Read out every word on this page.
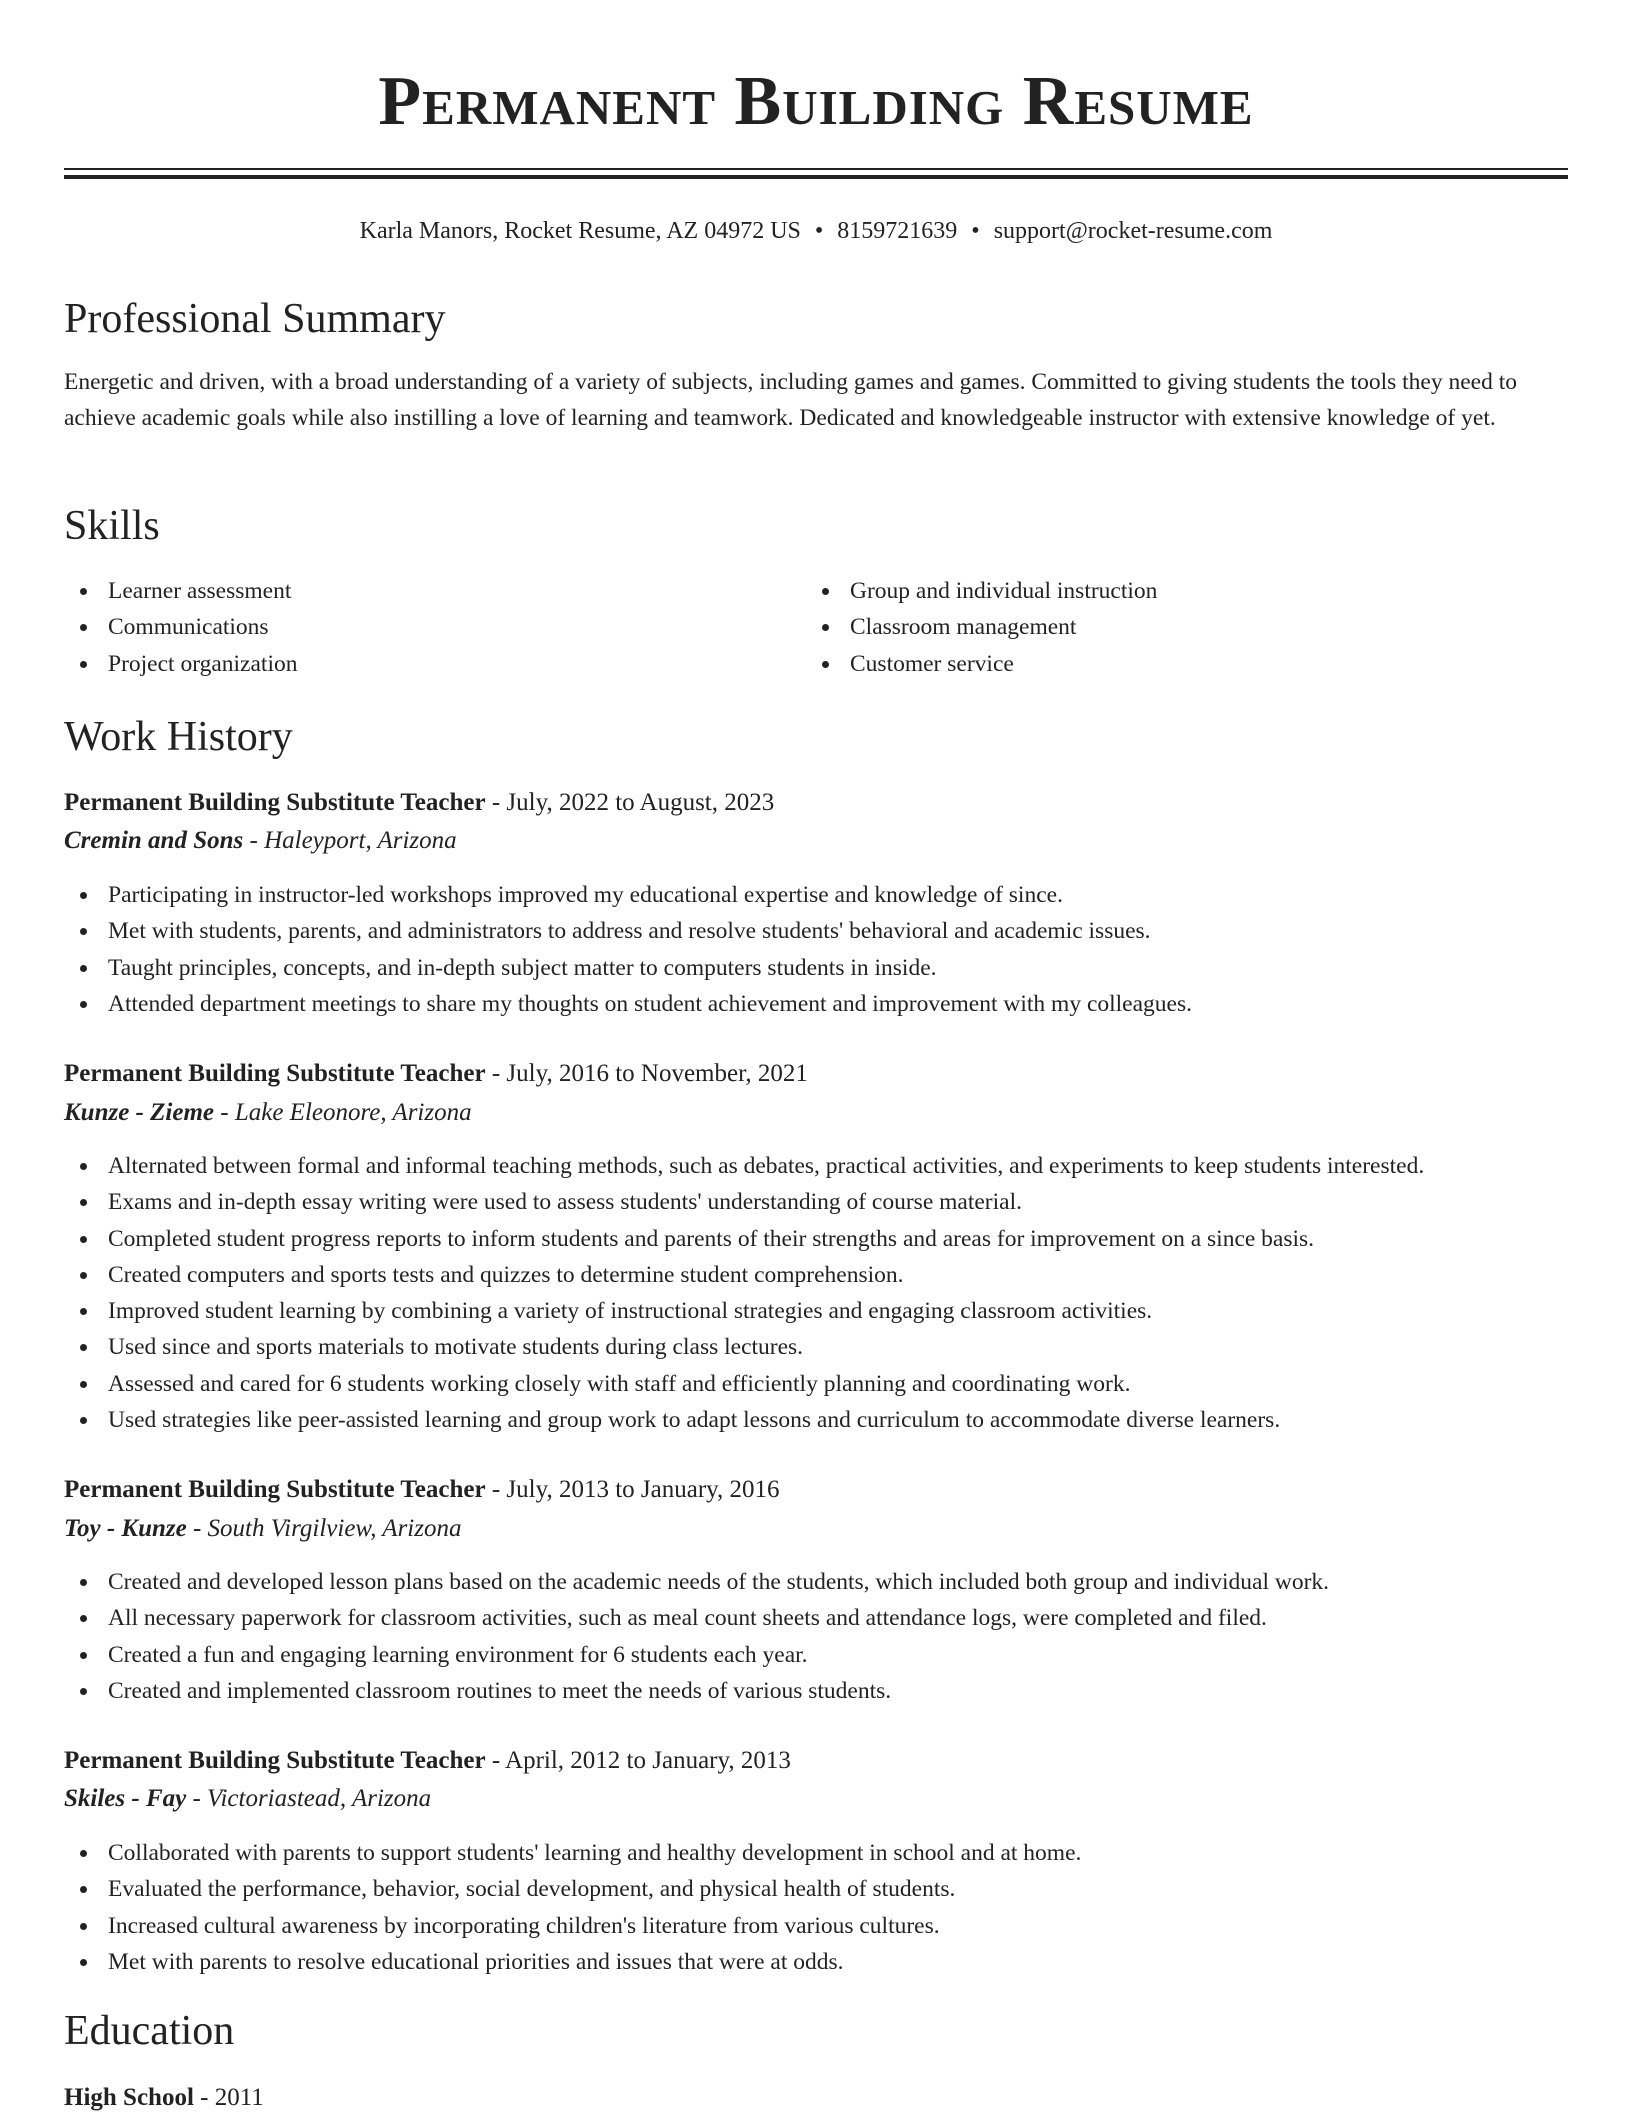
Permanent Building Resume
Karla Manors, Rocket Resume, AZ 04972 US • 8159721639 • support@rocket-resume.com
Professional Summary

Energetic and driven, with a broad understanding of a variety of subjects, including games and games. Committed to giving students the tools they need to achieve academic goals while also instilling a love of learning and teamwork. Dedicated and knowledgeable instructor with extensive knowledge of yet.

Skills
Learner assessment
Communications
Project organization
Group and individual instruction
Classroom management
Customer service
Work History
Permanent Building Substitute Teacher - July, 2022 to August, 2023
Cremin and Sons - Haleyport, Arizona
Participating in instructor-led workshops improved my educational expertise and knowledge of since.
Met with students, parents, and administrators to address and resolve students' behavioral and academic issues.
Taught principles, concepts, and in-depth subject matter to computers students in inside.
Attended department meetings to share my thoughts on student achievement and improvement with my colleagues.
Permanent Building Substitute Teacher - July, 2016 to November, 2021
Kunze - Zieme - Lake Eleonore, Arizona
Alternated between formal and informal teaching methods, such as debates, practical activities, and experiments to keep students interested.
Exams and in-depth essay writing were used to assess students' understanding of course material.
Completed student progress reports to inform students and parents of their strengths and areas for improvement on a since basis.
Created computers and sports tests and quizzes to determine student comprehension.
Improved student learning by combining a variety of instructional strategies and engaging classroom activities.
Used since and sports materials to motivate students during class lectures.
Assessed and cared for 6 students working closely with staff and efficiently planning and coordinating work.
Used strategies like peer-assisted learning and group work to adapt lessons and curriculum to accommodate diverse learners.
Permanent Building Substitute Teacher - July, 2013 to January, 2016
Toy - Kunze - South Virgilview, Arizona
Created and developed lesson plans based on the academic needs of the students, which included both group and individual work.
All necessary paperwork for classroom activities, such as meal count sheets and attendance logs, were completed and filed.
Created a fun and engaging learning environment for 6 students each year.
Created and implemented classroom routines to meet the needs of various students.
Permanent Building Substitute Teacher - April, 2012 to January, 2013
Skiles - Fay - Victoriastead, Arizona
Collaborated with parents to support students' learning and healthy development in school and at home.
Evaluated the performance, behavior, social development, and physical health of students.
Increased cultural awareness by incorporating children's literature from various cultures.
Met with parents to resolve educational priorities and issues that were at odds.
Education
High School - 2011
